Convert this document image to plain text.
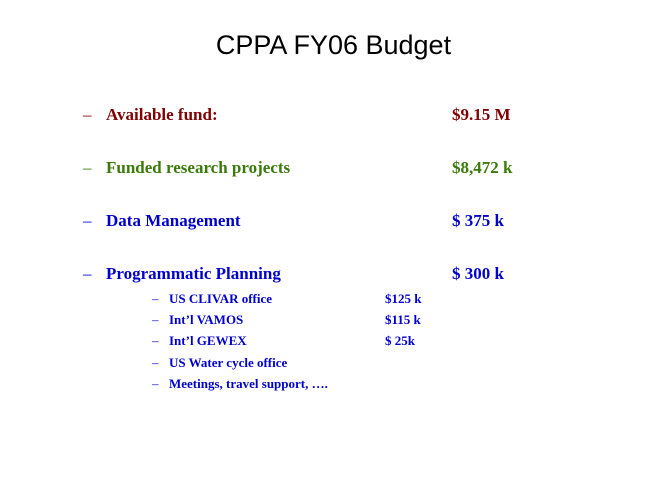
CPPA FY06 Budget
– Available fund:	$9.15 M
– Funded research projects	$8,472 k
– Data Management	$ 375 k
– Programmatic Planning	$ 300 k
– US CLIVAR office	$125 k
– Int’l VAMOS	$115 k
– Int’l GEWEX	$ 25k
– US Water cycle office
– Meetings, travel support, ….
